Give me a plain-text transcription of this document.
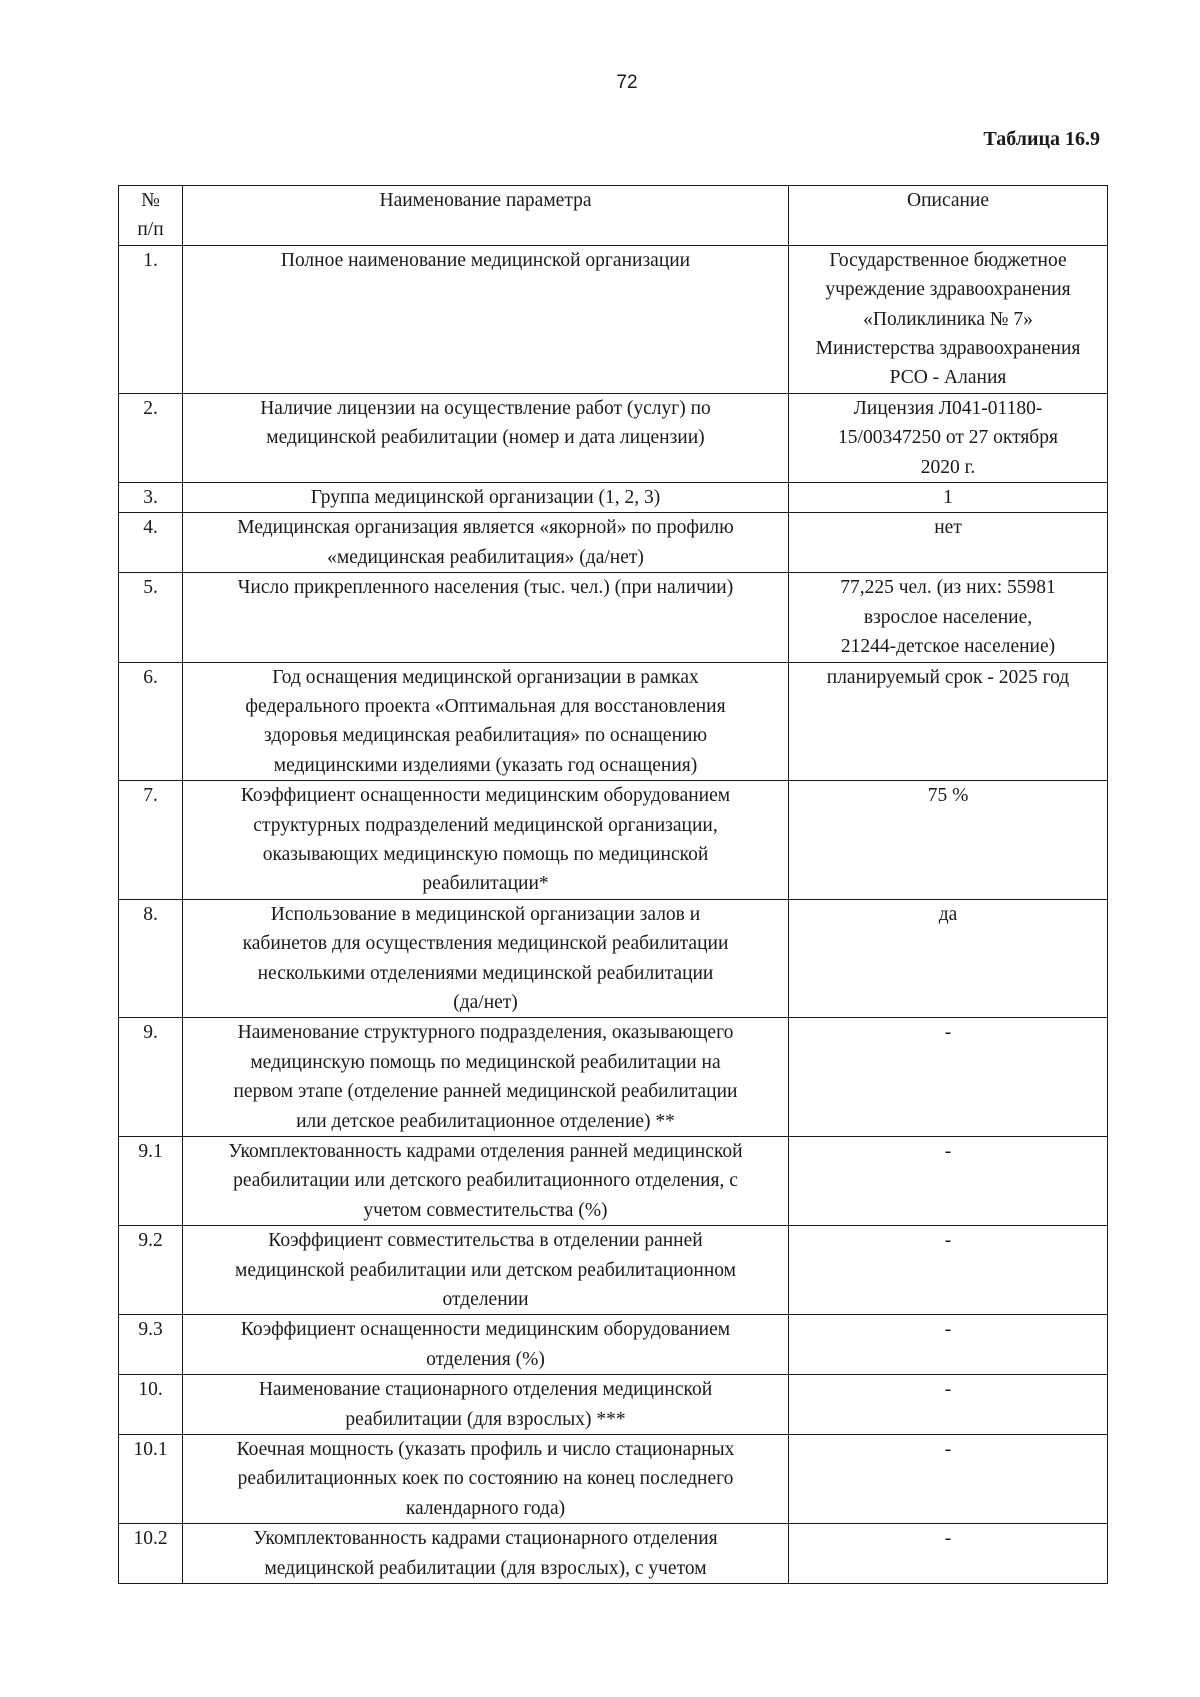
72
Таблица 16.9
№
п/п	Наименование параметра	Описание
1.	Полное наименование медицинской организации	Государственное бюджетное
учреждение здравоохранения
«Поликлиника № 7»
Министерства здравоохранения
РСО - Алания
2.	Наличие лицензии на осуществление работ (услуг) по
медицинской реабилитации (номер и дата лицензии)	Лицензия Л041-01180-
15/00347250 от 27 октября
2020 г.
3.	Группа медицинской организации (1, 2, 3)	1
4.	Медицинская организация является «якорной» по профилю
«медицинская реабилитация» (да/нет)	нет
5.	Число прикрепленного населения (тыс. чел.) (при наличии)	77,225 чел. (из них: 55981
взрослое население,
21244-детское население)
6.	Год оснащения медицинской организации в рамках
федерального проекта «Оптимальная для восстановления
здоровья медицинская реабилитация» по оснащению
медицинскими изделиями (указать год оснащения)	планируемый срок - 2025 год
7.	Коэффициент оснащенности медицинским оборудованием
структурных подразделений медицинской организации,
оказывающих медицинскую помощь по медицинской
реабилитации*	75 %
8.	Использование в медицинской организации залов и
кабинетов для осуществления медицинской реабилитации
несколькими отделениями медицинской реабилитации
(да/нет)	да
9.	Наименование структурного подразделения, оказывающего
медицинскую помощь по медицинской реабилитации на
первом этапе (отделение ранней медицинской реабилитации
или детское реабилитационное отделение) **	-
9.1	Укомплектованность кадрами отделения ранней медицинской
реабилитации или детского реабилитационного отделения, с
учетом совместительства (%)	-
9.2	Коэффициент совместительства в отделении ранней
медицинской реабилитации или детском реабилитационном
отделении	-
9.3	Коэффициент оснащенности медицинским оборудованием
отделения (%)	-
10.	Наименование стационарного отделения медицинской
реабилитации (для взрослых) ***	-
10.1	Коечная мощность (указать профиль и число стационарных
реабилитационных коек по состоянию на конец последнего
календарного года)	-
10.2	Укомплектованность кадрами стационарного отделения
медицинской реабилитации (для взрослых), с учетом	-
